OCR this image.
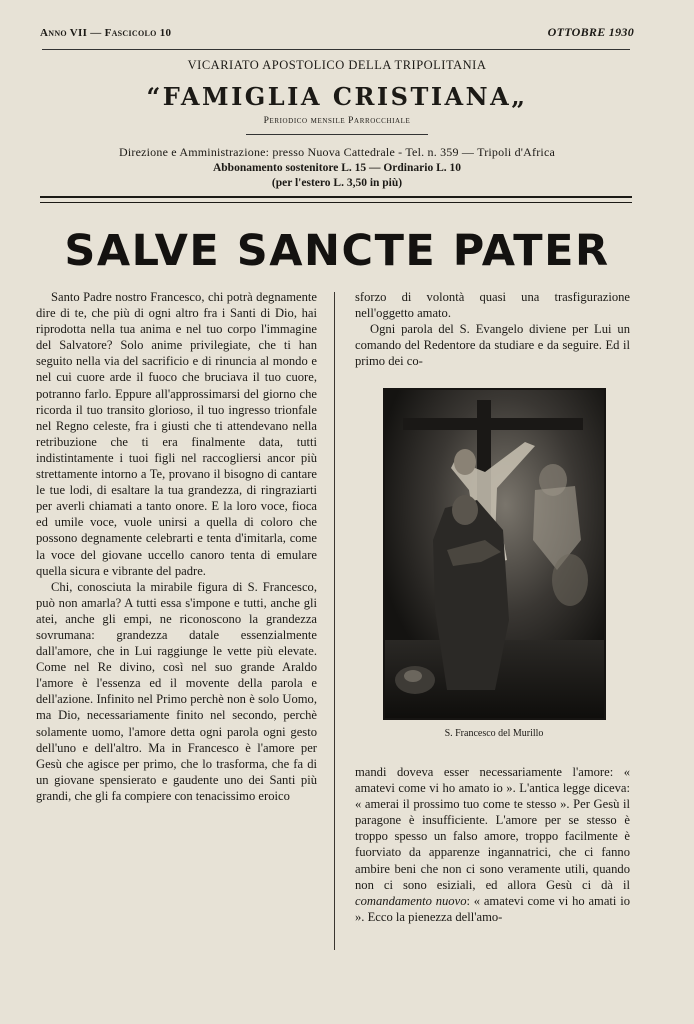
Anno VII — Fascicolo 10	OTTOBRE 1930
VICARIATO APOSTOLICO DELLA TRIPOLITANIA
“FAMIGLIA CRISTIANA„
Periodico mensile Parrocchiale
Direzione e Amministrazione: presso Nuova Cattedrale - Tel. n. 359 — Tripoli d'Africa
Abbonamento sostenitore L. 15 — Ordinario L. 10
(per l'estero L. 3,50 in più)
SALVE SANCTE PATER

Santo Padre nostro Francesco, chi potrà degnamente dire di te, che più di ogni altro fra i Santi di Dio, hai riprodotta nella tua anima e nel tuo corpo l'immagine del Salvatore? Solo anime privilegiate, che ti han seguito nella via del sacrificio e di rinuncia al mondo e nel cui cuore arde il fuoco che bruciava il tuo cuore, potranno farlo. Eppure all'approssimarsi del giorno che ricorda il tuo transito glorioso, il tuo ingresso trionfale nel Regno celeste, fra i giusti che ti attendevano nella retribuzione che ti era finalmente data, tutti indistintamente i tuoi figli nel raccogliersi ancor più strettamente intorno a Te, provano il bisogno di cantare le tue lodi, di esaltare la tua grandezza, di ringraziarti per averli chiamati a tanto onore. E la loro voce, fioca ed umile voce, vuole unirsi a quella di coloro che possono degnamente celebrarti e tenta d'imitarla, come la voce del giovane uccello canoro tenta di emulare quella sicura e vibrante del padre.

Chi, conosciuta la mirabile figura di S. Francesco, può non amarla? A tutti essa s'impone e tutti, anche gli atei, anche gli empi, ne riconoscono la grandezza sovrumana: grandezza datale essenzialmente dall'amore, che in Lui raggiunge le vette più elevate. Come nel Re divino, così nel suo grande Araldo l'amore è l'essenza ed il movente della parola e dell'azione. Infinito nel Primo perchè non è solo Uomo, ma Dio, necessariamente finito nel secondo, perchè solamente uomo, l'amore detta ogni parola ogni gesto dell'uno e dell'altro. Ma in Francesco è l'amore per Gesù che agisce per primo, che lo trasforma, che fa di un giovane spensierato e gaudente uno dei Santi più grandi, che gli fa compiere con tenacissimo eroico

sforzo di volontà quasi una trasfigurazione nell'oggetto amato.

Ogni parola del S. Evangelo diviene per Lui un comando del Redentore da studiare e da seguire. Ed il primo dei co-

S. Francesco del Murillo

mandi doveva esser necessariamente l'amore: « amatevi come vi ho amato io ». L'antica legge diceva: « amerai il prossimo tuo come te stesso ». Per Gesù il paragone è insufficiente. L'amore per se stesso è troppo spesso un falso amore, troppo facilmente è fuorviato da apparenze ingannatrici, che ci fanno ambire beni che non ci sono veramente utili, quando non ci sono esiziali, ed allora Gesù ci dà il comandamento nuovo: « amatevi come vi ho amati io ». Ecco la pienezza dell'amo-
